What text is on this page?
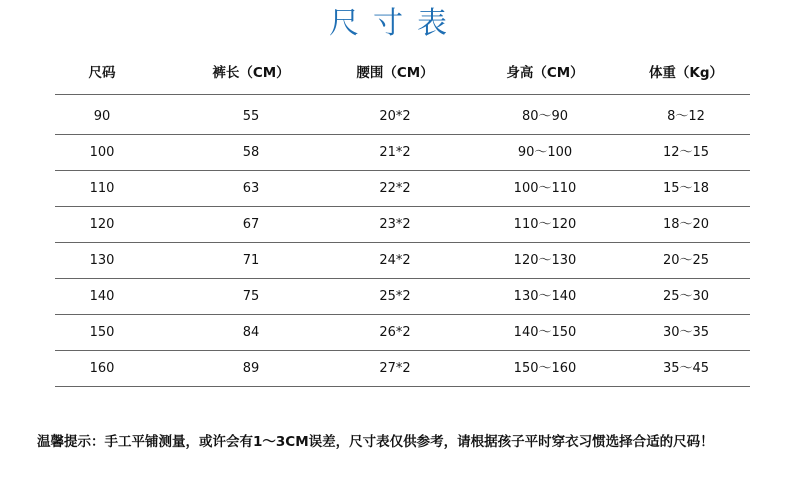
尺寸表
尺码	裤长（CM）	腰围（CM）	身高（CM）	体重（Kg）
90	55	20*2	80～90	8～12
100	58	21*2	90～100	12～15
110	63	22*2	100～110	15～18
120	67	23*2	110～120	18～20
130	71	24*2	120～130	20～25
140	75	25*2	130～140	25～30
150	84	26*2	140～150	30～35
160	89	27*2	150～160	35～45
温馨提示：手工平铺测量，或许会有1～3CM误差，尺寸表仅供参考，请根据孩子平时穿衣习惯选择合适的尺码！
